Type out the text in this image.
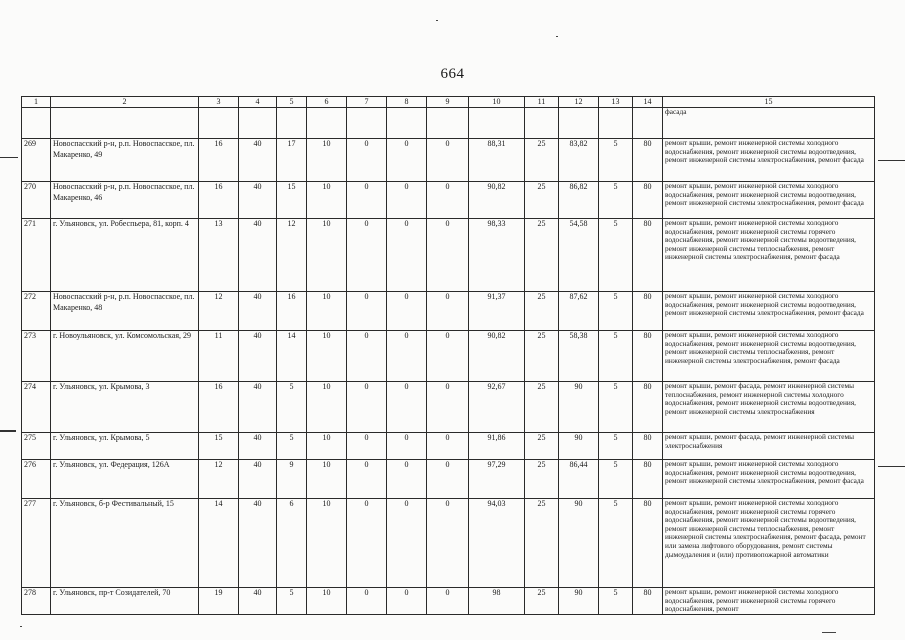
664
1	2	3	4	5	6	7	8	9	10	11	12	13	14	15
														фасада
269	Новоспасский р-н, р.п. Новоспасское, пл. Макаренко, 49	16	40	17	10	0	0	0	88,31	25	83,82	5	80	ремонт крыши, ремонт инженерной системы холодного водоснабжения, ремонт инженерной системы водоотведения, ремонт инженерной системы электроснабжения, ремонт фасада
270	Новоспасский р-н, р.п. Новоспасское, пл. Макаренко, 46	16	40	15	10	0	0	0	90,82	25	86,82	5	80	ремонт крыши, ремонт инженерной системы холодного водоснабжения, ремонт инженерной системы водоотведения, ремонт инженерной системы электроснабжения, ремонт фасада
271	г. Ульяновск, ул. Робеспьера, 81, корп. 4	13	40	12	10	0	0	0	98,33	25	54,58	5	80	ремонт крыши, ремонт инженерной системы холодного водоснабжения, ремонт инженерной системы горячего водоснабжения, ремонт инженерной системы водоотведения, ремонт инженерной системы теплоснабжения, ремонт инженерной системы электроснабжения, ремонт фасада
272	Новоспасский р-н, р.п. Новоспасское, пл. Макаренко, 48	12	40	16	10	0	0	0	91,37	25	87,62	5	80	ремонт крыши, ремонт инженерной системы холодного водоснабжения, ремонт инженерной системы водоотведения, ремонт инженерной системы электроснабжения, ремонт фасада
273	г. Новоульяновск, ул. Комсомольская, 29	11	40	14	10	0	0	0	90,82	25	58,38	5	80	ремонт крыши, ремонт инженерной системы холодного водоснабжения, ремонт инженерной системы водоотведения, ремонт инженерной системы теплоснабжения, ремонт инженерной системы электроснабжения, ремонт фасада
274	г. Ульяновск, ул. Крымова, 3	16	40	5	10	0	0	0	92,67	25	90	5	80	ремонт крыши, ремонт фасада, ремонт инженерной системы теплоснабжения, ремонт инженерной системы холодного водоснабжения, ремонт инженерной системы водоотведения, ремонт инженерной системы электроснабжения
275	г. Ульяновск, ул. Крымова, 5	15	40	5	10	0	0	0	91,86	25	90	5	80	ремонт крыши, ремонт фасада, ремонт инженерной системы электроснабжения
276	г. Ульяновск, ул. Федерация, 126А	12	40	9	10	0	0	0	97,29	25	86,44	5	80	ремонт крыши, ремонт инженерной системы холодного водоснабжения, ремонт инженерной системы водоотведения, ремонт инженерной системы электроснабжения, ремонт фасада
277	г. Ульяновск, б-р Фестивальный, 15	14	40	6	10	0	0	0	94,03	25	90	5	80	ремонт крыши, ремонт инженерной системы холодного водоснабжения, ремонт инженерной системы горячего водоснабжения, ремонт инженерной системы водоотведения, ремонт инженерной системы теплоснабжения, ремонт инженерной системы электроснабжения, ремонт фасада, ремонт или замена лифтового оборудования, ремонт системы дымоудаления и (или) противопожарной автоматики
278	г. Ульяновск, пр-т Созидателей, 70	19	40	5	10	0	0	0	98	25	90	5	80	ремонт крыши, ремонт инженерной системы холодного водоснабжения, ремонт инженерной системы горячего водоснабжения, ремонт
